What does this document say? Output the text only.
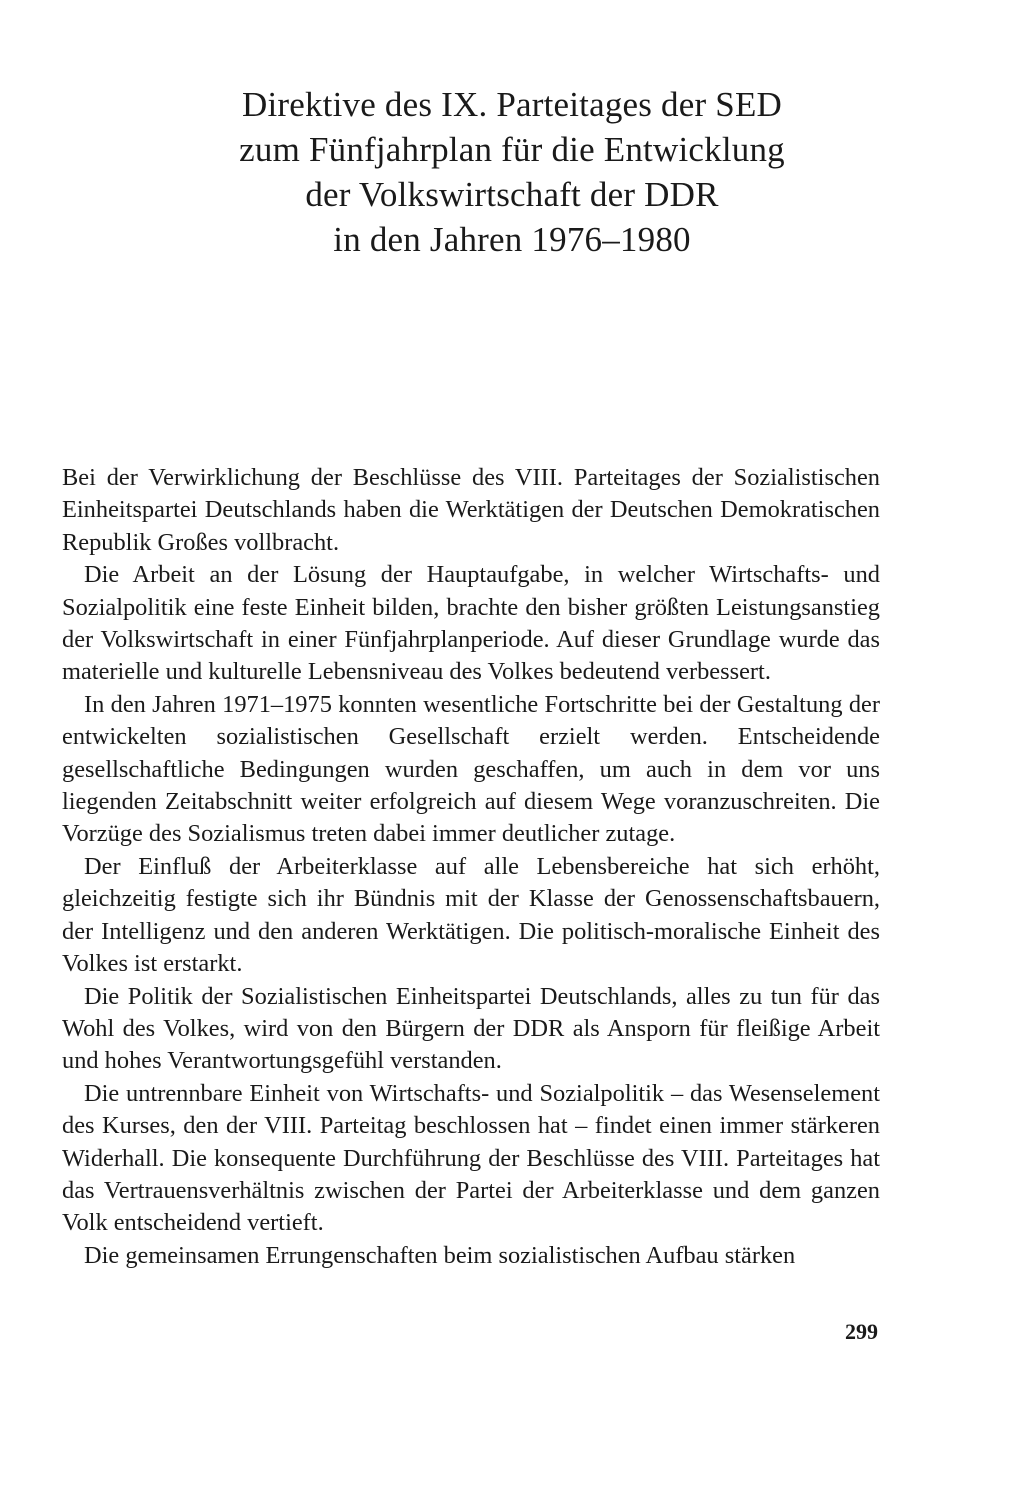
Direktive des IX. Parteitages der SED
zum Fünfjahrplan für die Entwicklung
der Volkswirtschaft der DDR
in den Jahren 1976–1980

Bei der Verwirklichung der Beschlüsse des VIII. Parteitages der Sozialistischen Einheitspartei Deutschlands haben die Werktätigen der Deutschen Demokratischen Republik Großes vollbracht.

Die Arbeit an der Lösung der Hauptaufgabe, in welcher Wirtschafts- und Sozialpolitik eine feste Einheit bilden, brachte den bisher größten Leistungsanstieg der Volkswirtschaft in einer Fünfjahrplanperiode. Auf dieser Grundlage wurde das materielle und kulturelle Lebensniveau des Volkes bedeutend verbessert.

In den Jahren 1971–1975 konnten wesentliche Fortschritte bei der Gestaltung der entwickelten sozialistischen Gesellschaft erzielt werden. Entscheidende gesellschaftliche Bedingungen wurden geschaffen, um auch in dem vor uns liegenden Zeitabschnitt weiter erfolgreich auf diesem Wege voranzuschreiten. Die Vorzüge des Sozialismus treten dabei immer deutlicher zutage.

Der Einfluß der Arbeiterklasse auf alle Lebensbereiche hat sich erhöht, gleichzeitig festigte sich ihr Bündnis mit der Klasse der Genossenschaftsbauern, der Intelligenz und den anderen Werktätigen. Die politisch-moralische Einheit des Volkes ist erstarkt.

Die Politik der Sozialistischen Einheitspartei Deutschlands, alles zu tun für das Wohl des Volkes, wird von den Bürgern der DDR als Ansporn für fleißige Arbeit und hohes Verantwortungsgefühl verstanden.

Die untrennbare Einheit von Wirtschafts- und Sozialpolitik – das Wesenselement des Kurses, den der VIII. Parteitag beschlossen hat – findet einen immer stärkeren Widerhall. Die konsequente Durchführung der Beschlüsse des VIII. Parteitages hat das Vertrauensverhältnis zwischen der Partei der Arbeiterklasse und dem ganzen Volk entscheidend vertieft.

Die gemeinsamen Errungenschaften beim sozialistischen Aufbau stärken

299
